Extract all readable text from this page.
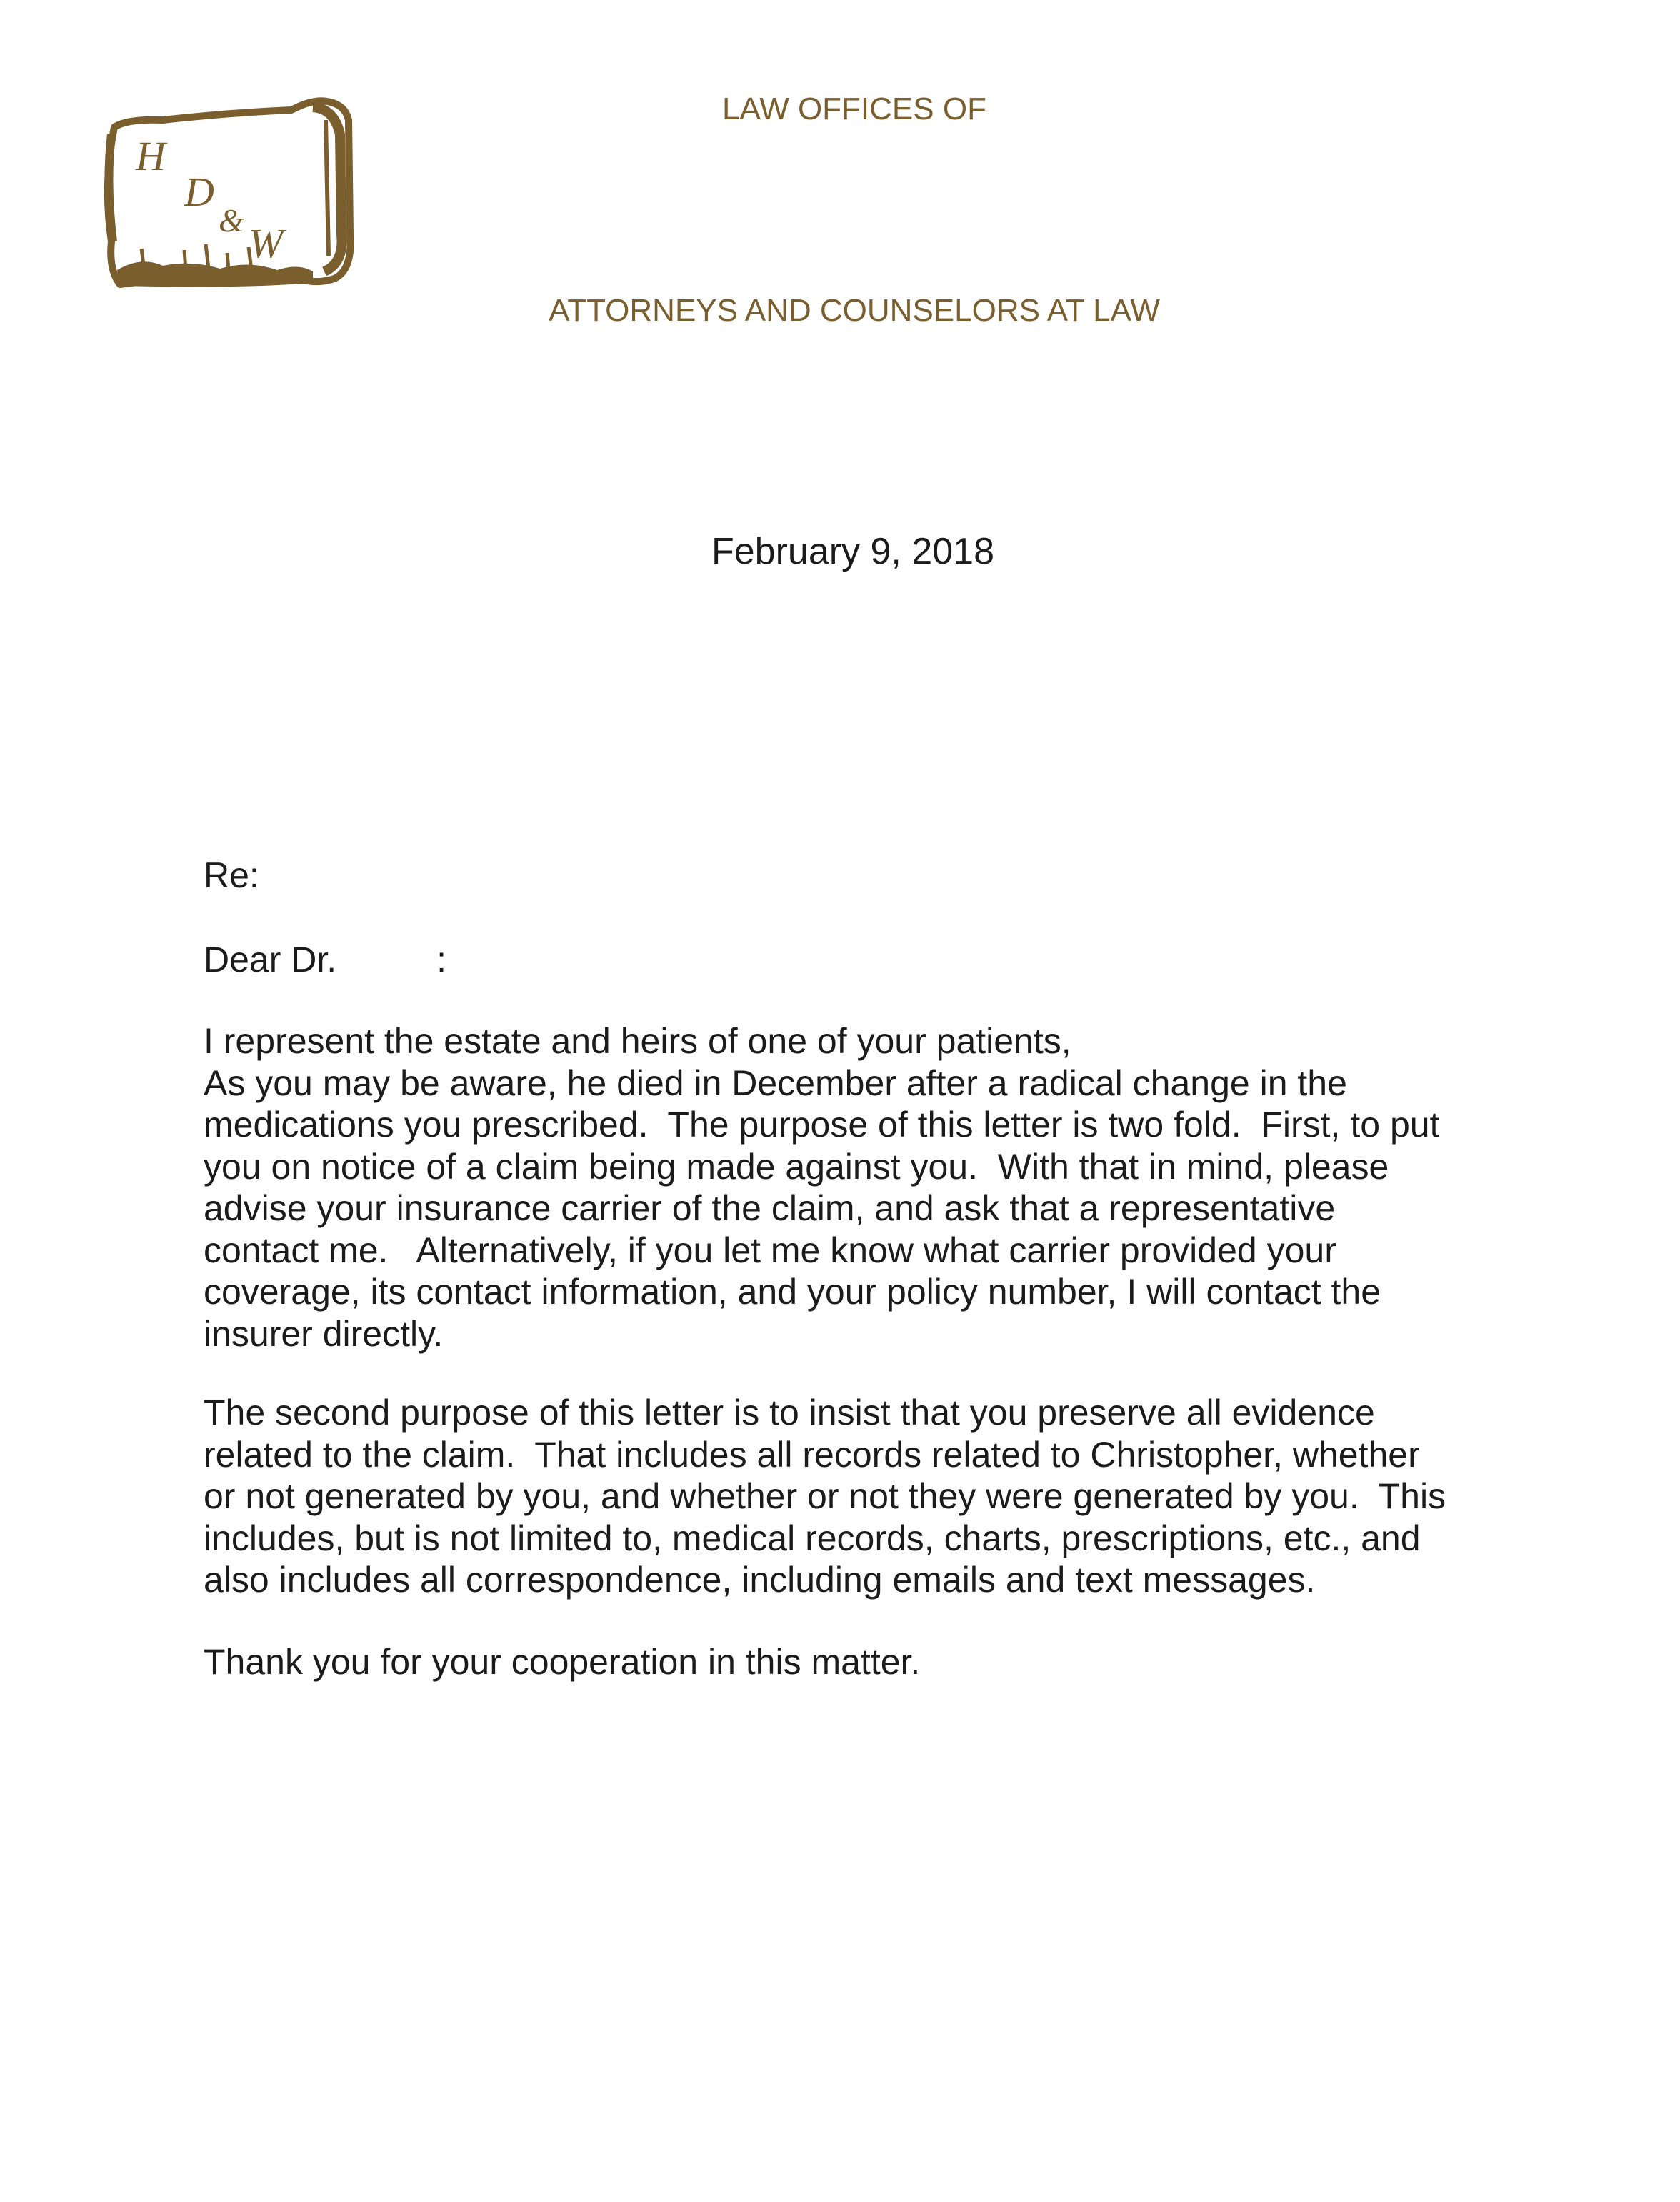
H
D
& W
LAW OFFICES OF
ATTORNEYS AND COUNSELORS AT LAW
February 9, 2018
Re:
Dear Dr.	:
I represent the estate and heirs of one of your patients,
As you may be aware, he died in December after a radical change in the
medications you prescribed.  The purpose of this letter is two fold.  First, to put
you on notice of a claim being made against you.  With that in mind, please
advise your insurance carrier of the claim, and ask that a representative
contact me.   Alternatively, if you let me know what carrier provided your
coverage, its contact information, and your policy number, I will contact the
insurer directly.
The second purpose of this letter is to insist that you preserve all evidence
related to the claim.  That includes all records related to Christopher, whether
or not generated by you, and whether or not they were generated by you.  This
includes, but is not limited to, medical records, charts, prescriptions, etc., and
also includes all correspondence, including emails and text messages.
Thank you for your cooperation in this matter.
